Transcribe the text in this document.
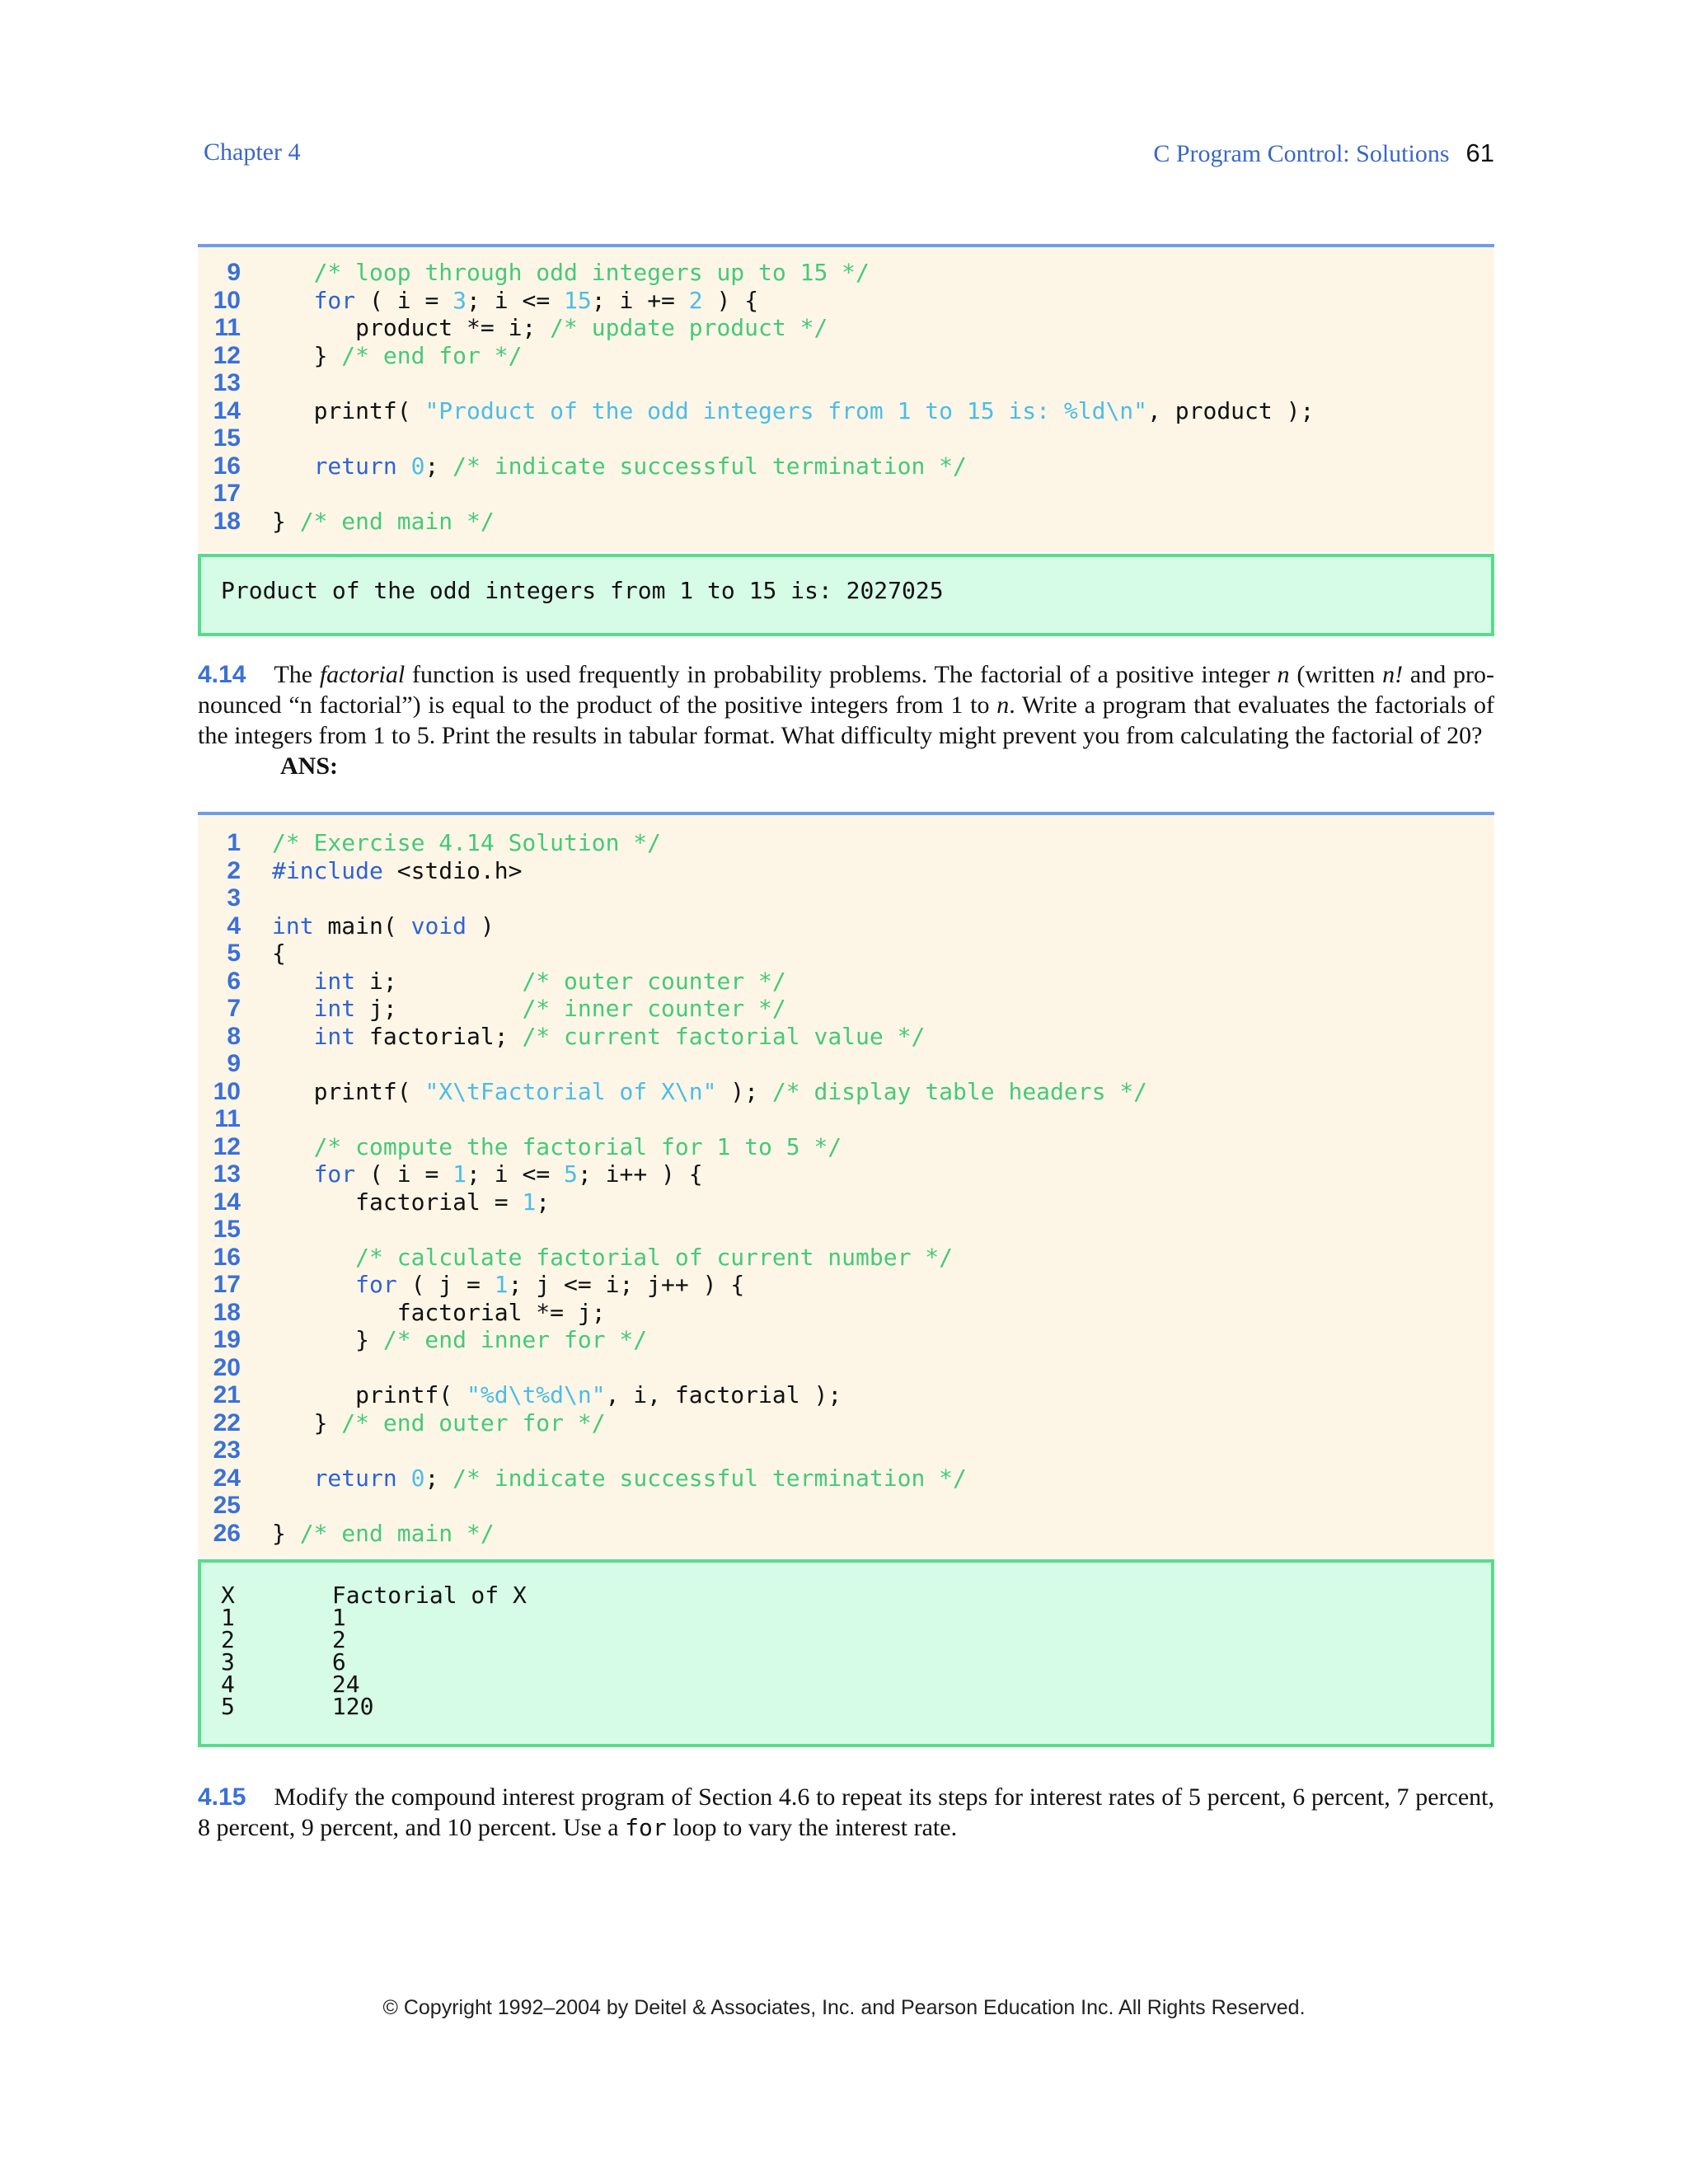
Chapter 4	C Program Control: Solutions 61
9	/* loop through odd integers up to 15 */
10	for ( i = 3; i <= 15; i += 2 ) {
11 product *= i; /* update product */
12 } /* end for */
13
14 printf( "Product of the odd integers from 1 to 15 is: %ld\n", product );
15
16	return 0; /* indicate successful termination */
17
18 } /* end main */
Product of the odd integers from 1 to 15 is: 2027025
4.14 The factorial function is used frequently in probability problems. The factorial of a positive integer n (written n! and pro-nounced “n factorial”) is equal to the product of the positive integers from 1 to n. Write a program that evaluates the factorials of the integers from 1 to 5. Print the results in tabular format. What difficulty might prevent you from calculating the factorial of 20?
ANS:
1 /* Exercise 4.14 Solution */
2 #include <stdio.h>
3
4 int main( void )
5 {
6	int i;         /* outer counter */
7	int j;         /* inner counter */
8	int factorial; /* current factorial value */
9
10 printf( "X\tFactorial of X\n" ); /* display table headers */
11
12	/* compute the factorial for 1 to 5 */
13	for ( i = 1; i <= 5; i++ ) {
14 factorial = 1;
15
16	/* calculate factorial of current number */
17	for ( j = 1; j <= i; j++ ) {
18 factorial *= j;
19 } /* end inner for */
20
21 printf( "%d\t%d\n", i, factorial );
22 } /* end outer for */
23
24	return 0; /* indicate successful termination */
25
26 } /* end main */
X       Factorial of X
1       1
2       2
3       6
4       24
5       120
4.15 Modify the compound interest program of Section 4.6 to repeat its steps for interest rates of 5 percent, 6 percent, 7 percent, 8 percent, 9 percent, and 10 percent. Use a for loop to vary the interest rate.
© Copyright 1992–2004 by Deitel & Associates, Inc. and Pearson Education Inc. All Rights Reserved.
